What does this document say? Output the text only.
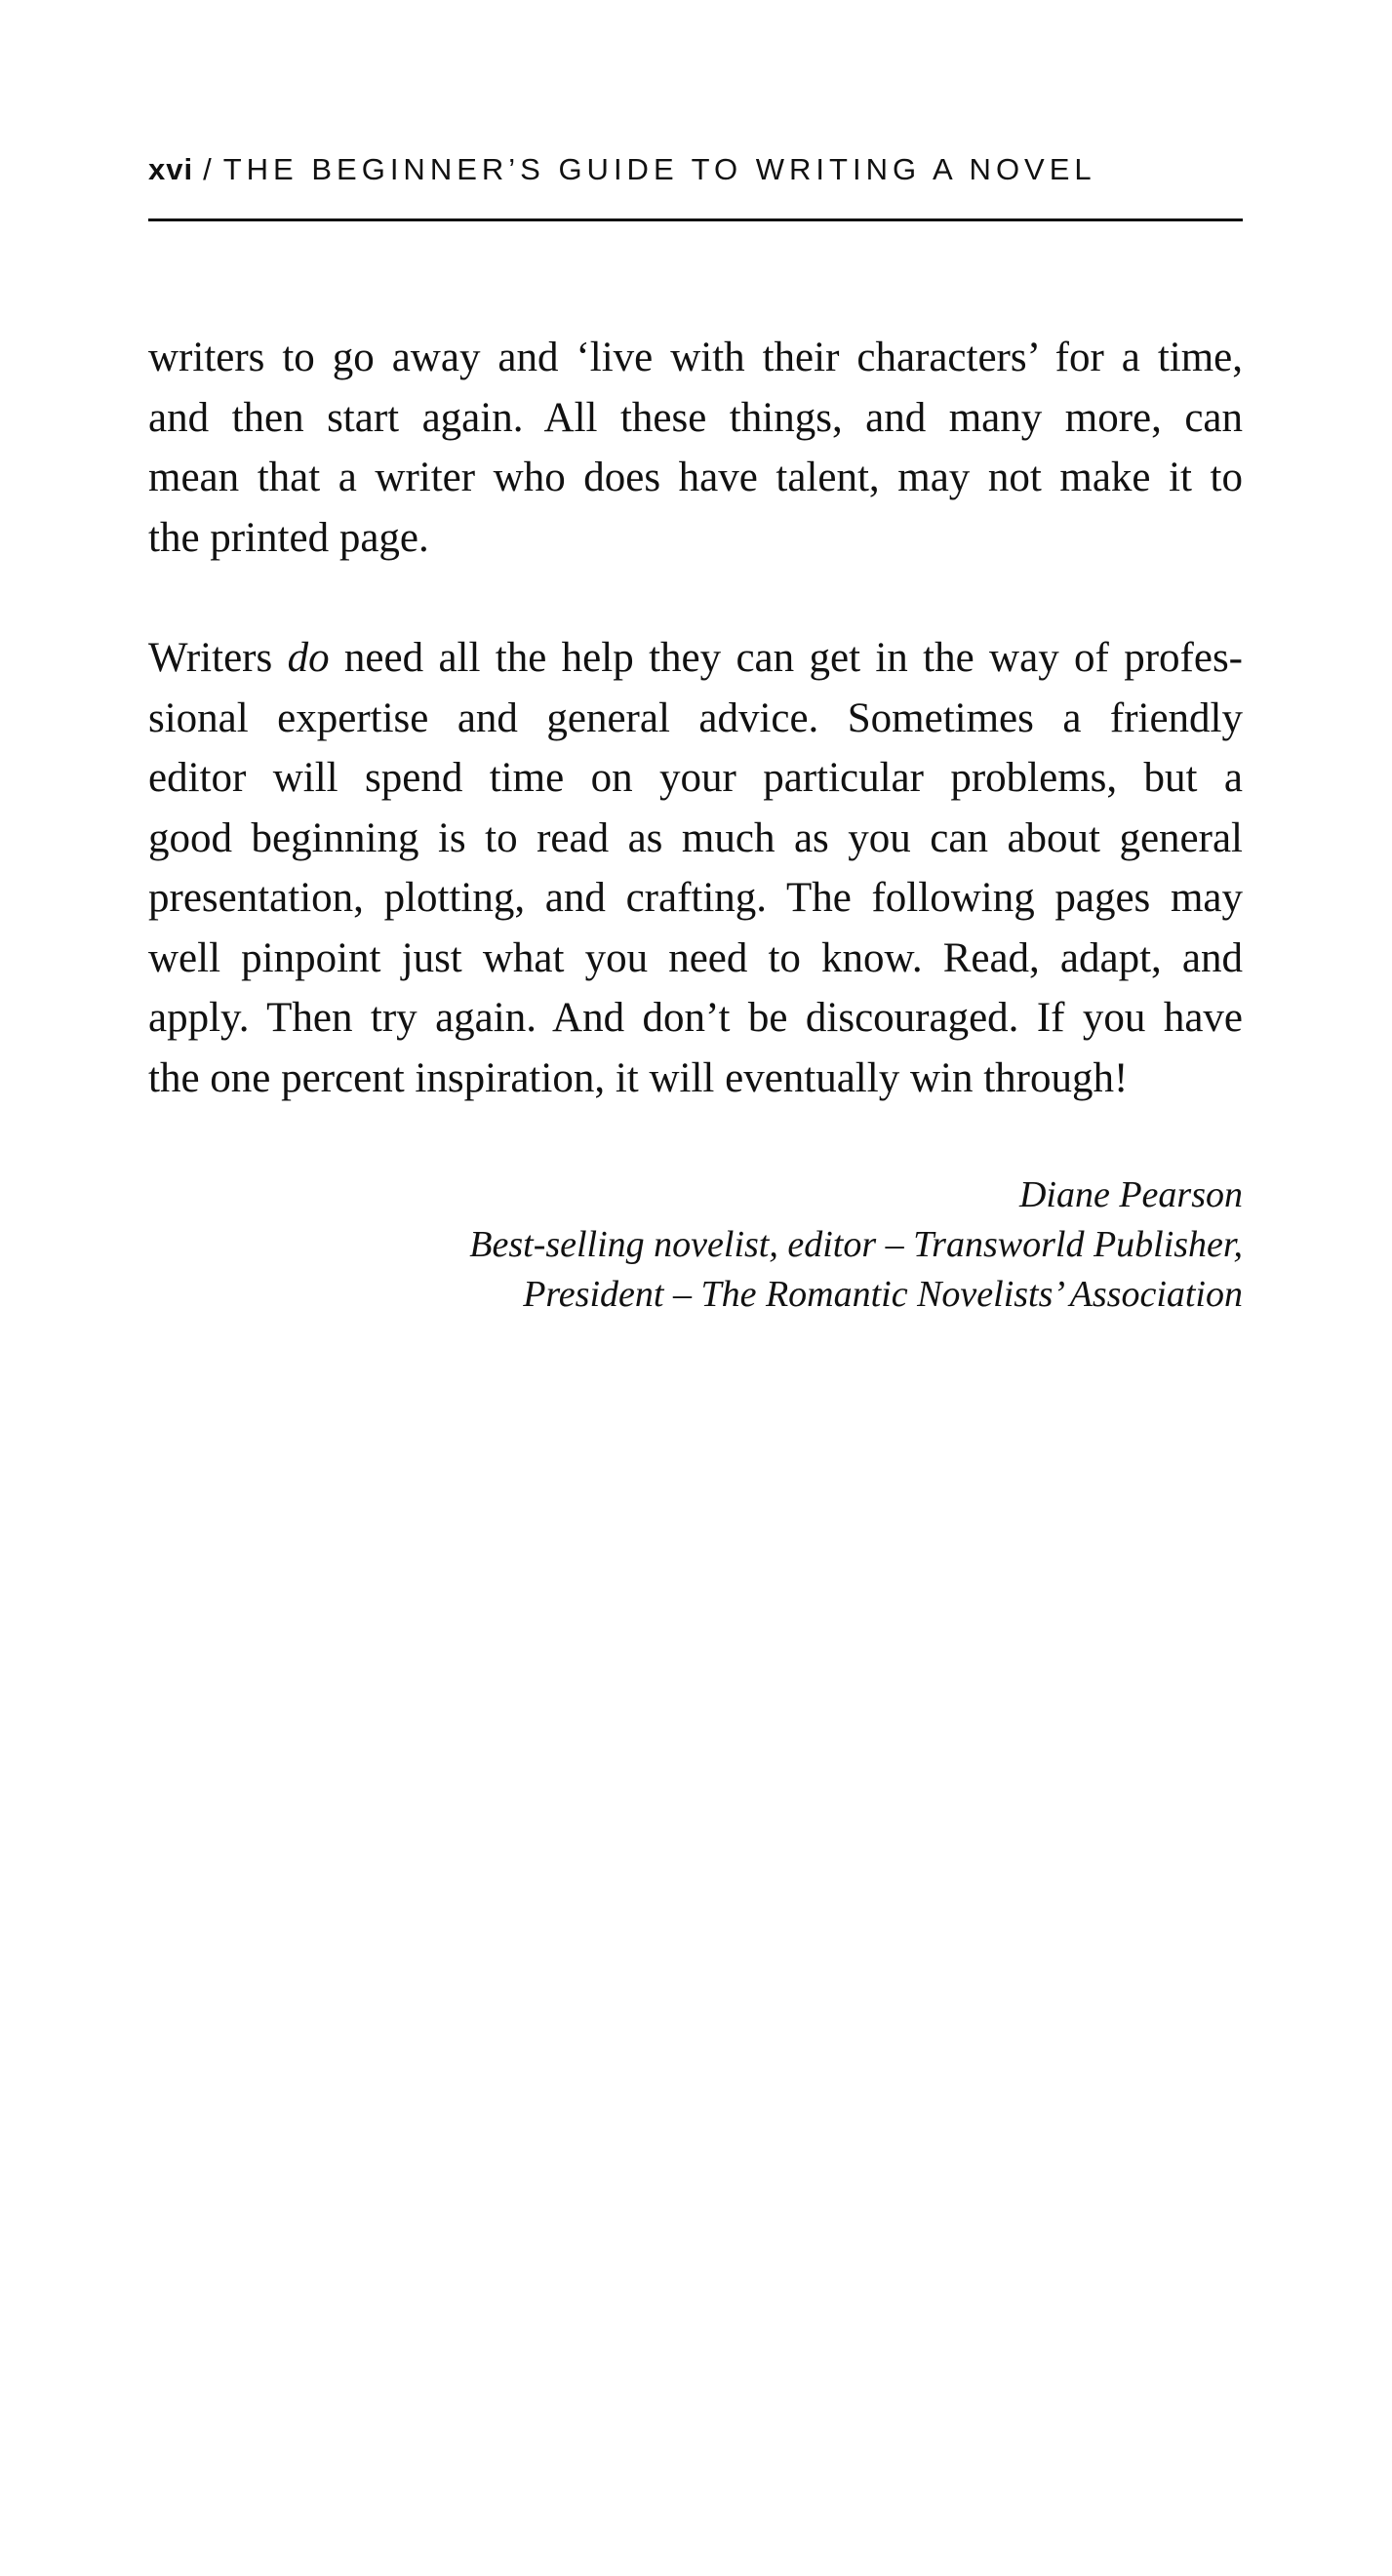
xvi / THE BEGINNER’S GUIDE TO WRITING A NOVEL

writers to go away and ‘live with their characters’ for a time,
and then start again. All these things, and many more, can
mean that a writer who does have talent, may not make it to
the printed page.

Writers do need all the help they can get in the way of profes-
sional expertise and general advice. Sometimes a friendly
editor will spend time on your particular problems, but a
good beginning is to read as much as you can about general
presentation, plotting, and crafting. The following pages may
well pinpoint just what you need to know. Read, adapt, and
apply. Then try again. And don’t be discouraged. If you have
the one percent inspiration, it will eventually win through!

Diane Pearson
Best-selling novelist, editor – Transworld Publisher,
President – The Romantic Novelists’ Association
